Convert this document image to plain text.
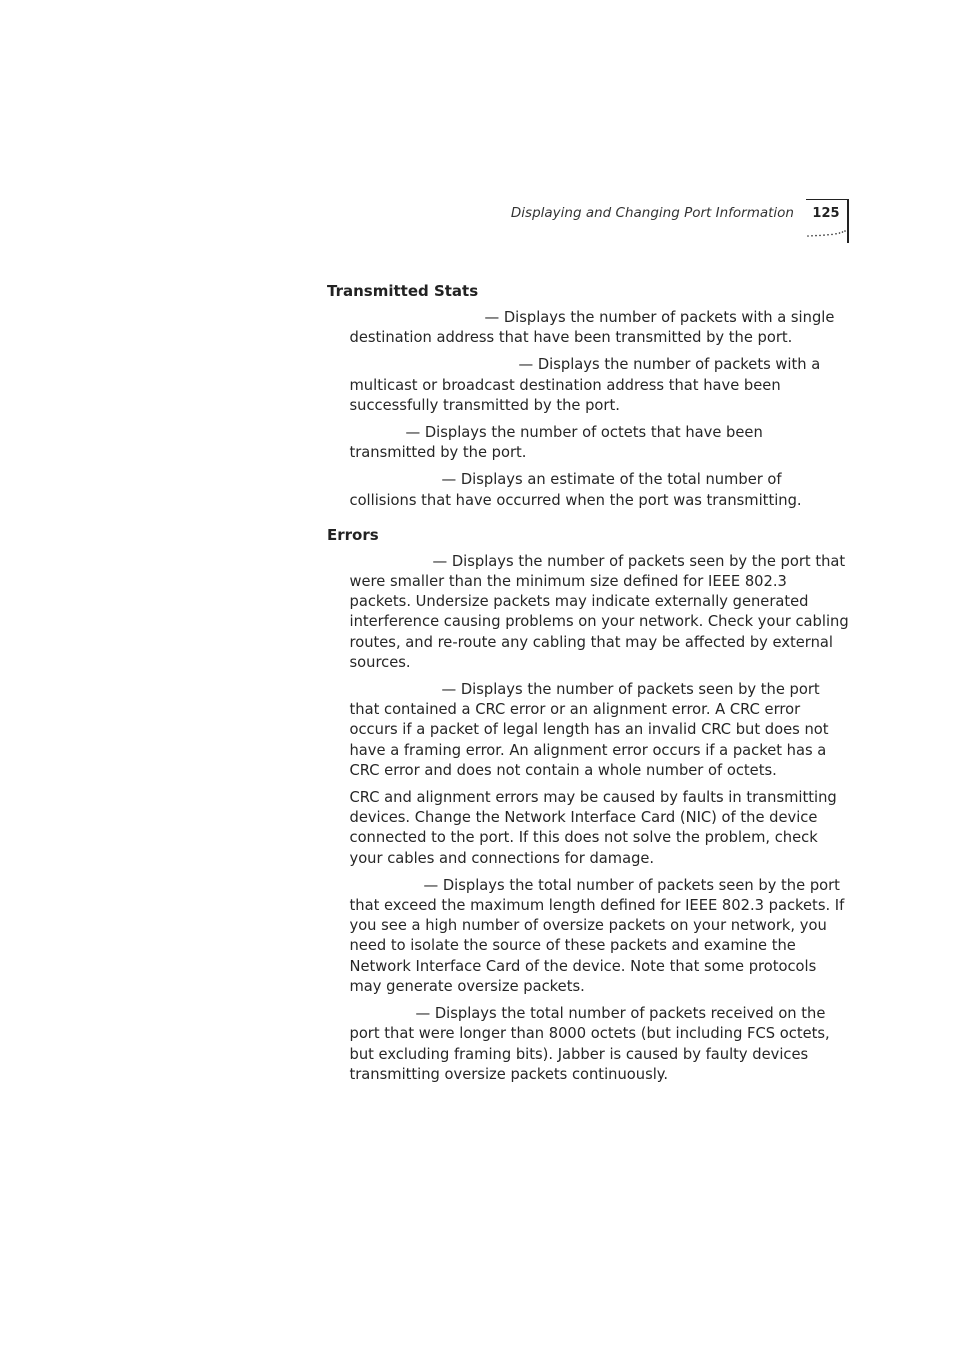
Displaying and Changing Port Information	125
Transmitted Stats

— Displays the number of packets with a single destination address that have been transmitted by the port.

— Displays the number of packets with a multicast or broadcast destination address that have been successfully transmitted by the port.

— Displays the number of octets that have been transmitted by the port.

— Displays an estimate of the total number of collisions that have occurred when the port was transmitting.

Errors

— Displays the number of packets seen by the port that were smaller than the minimum size defined for IEEE 802.3 packets. Undersize packets may indicate externally generated interference causing problems on your network. Check your cabling routes, and re-route any cabling that may be affected by external sources.

— Displays the number of packets seen by the port that contained a CRC error or an alignment error. A CRC error occurs if a packet of legal length has an invalid CRC but does not have a framing error. An alignment error occurs if a packet has a CRC error and does not contain a whole number of octets.

CRC and alignment errors may be caused by faults in transmitting devices. Change the Network Interface Card (NIC) of the device connected to the port. If this does not solve the problem, check your cables and connections for damage.

— Displays the total number of packets seen by the port that exceed the maximum length defined for IEEE 802.3 packets. If you see a high number of oversize packets on your network, you need to isolate the source of these packets and examine the Network Interface Card of the device. Note that some protocols may generate oversize packets.

— Displays the total number of packets received on the port that were longer than 8000 octets (but including FCS octets, but excluding framing bits). Jabber is caused by faulty devices transmitting oversize packets continuously.
